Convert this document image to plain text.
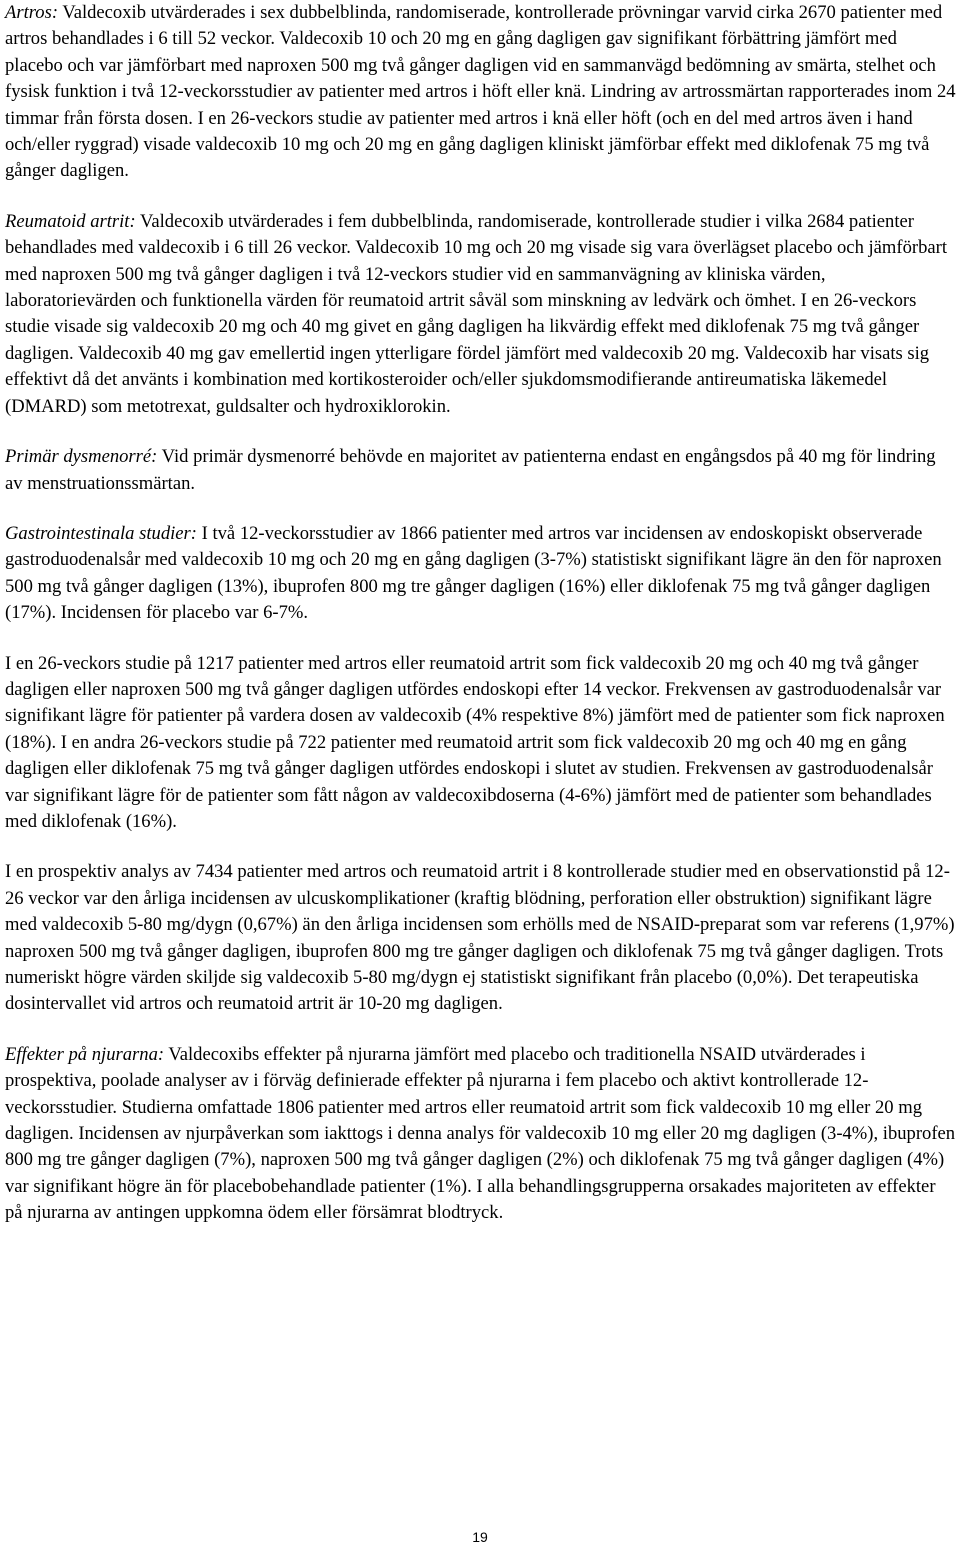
Artros: Valdecoxib utvärderades i sex dubbelblinda, randomiserade, kontrollerade prövningar varvid cirka 2670 patienter med artros behandlades i 6 till 52 veckor. Valdecoxib 10 och 20 mg en gång dagligen gav signifikant förbättring jämfört med placebo och var jämförbart med naproxen 500 mg två gånger dagligen vid en sammanvägd bedömning av smärta, stelhet och fysisk funktion i två 12-veckorsstudier av patienter med artros i höft eller knä. Lindring av artrossmärtan rapporterades inom 24 timmar från första dosen. I en 26-veckors studie av patienter med artros i knä eller höft (och en del med artros även i hand och/eller ryggrad) visade valdecoxib 10 mg och 20 mg en gång dagligen kliniskt jämförbar effekt med diklofenak 75 mg två gånger dagligen.

Reumatoid artrit: Valdecoxib utvärderades i fem dubbelblinda, randomiserade, kontrollerade studier i vilka 2684 patienter behandlades med valdecoxib i 6 till 26 veckor. Valdecoxib 10 mg och 20 mg visade sig vara överlägset placebo och jämförbart med naproxen 500 mg två gånger dagligen i två 12-veckors studier vid en sammanvägning av kliniska värden, laboratorievärden och funktionella värden för reumatoid artrit såväl som minskning av ledvärk och ömhet. I en 26-veckors studie visade sig valdecoxib 20 mg och 40 mg givet en gång dagligen ha likvärdig effekt med diklofenak 75 mg två gånger dagligen. Valdecoxib 40 mg gav emellertid ingen ytterligare fördel jämfört med valdecoxib 20 mg. Valdecoxib har visats sig effektivt då det använts i kombination med kortikosteroider och/eller sjukdomsmodifierande antireumatiska läkemedel (DMARD) som metotrexat, guldsalter och hydroxiklorokin.

Primär dysmenorré: Vid primär dysmenorré behövde en majoritet av patienterna endast en engångsdos på 40 mg för lindring av menstruationssmärtan.

Gastrointestinala studier: I två 12-veckorsstudier av 1866 patienter med artros var incidensen av endoskopiskt observerade gastroduodenalsår med valdecoxib 10 mg och 20 mg en gång dagligen (3-7%) statistiskt signifikant lägre än den för naproxen 500 mg två gånger dagligen (13%), ibuprofen 800 mg tre gånger dagligen (16%) eller diklofenak 75 mg två gånger dagligen (17%). Incidensen för placebo var 6-7%.

I en 26-veckors studie på 1217 patienter med artros eller reumatoid artrit som fick valdecoxib 20 mg och 40 mg två gånger dagligen eller naproxen 500 mg två gånger dagligen utfördes endoskopi efter 14 veckor. Frekvensen av gastroduodenalsår var signifikant lägre för patienter på vardera dosen av valdecoxib (4% respektive 8%) jämfört med de patienter som fick naproxen (18%). I en andra 26-veckors studie på 722 patienter med reumatoid artrit som fick valdecoxib 20 mg och 40 mg en gång dagligen eller diklofenak 75 mg två gånger dagligen utfördes endoskopi i slutet av studien. Frekvensen av gastroduodenalsår var signifikant lägre för de patienter som fått någon av valdecoxibdoserna (4-6%) jämfört med de patienter som behandlades med diklofenak (16%).

I en prospektiv analys av 7434 patienter med artros och reumatoid artrit i 8 kontrollerade studier med en observationstid på 12-26 veckor var den årliga incidensen av ulcuskomplikationer (kraftig blödning, perforation eller obstruktion) signifikant lägre med valdecoxib 5-80 mg/dygn (0,67%) än den årliga incidensen som erhölls med de NSAID-preparat som var referens (1,97%) naproxen 500 mg två gånger dagligen, ibuprofen 800 mg tre gånger dagligen och diklofenak 75 mg två gånger dagligen. Trots numeriskt högre värden skiljde sig valdecoxib 5-80 mg/dygn ej statistiskt signifikant från placebo (0,0%). Det terapeutiska dosintervallet vid artros och reumatoid artrit är 10-20 mg dagligen.

Effekter på njurarna: Valdecoxibs effekter på njurarna jämfört med placebo och traditionella NSAID utvärderades i prospektiva, poolade analyser av i förväg definierade effekter på njurarna i fem placebo och aktivt kontrollerade 12-veckorsstudier. Studierna omfattade 1806 patienter med artros eller reumatoid artrit som fick valdecoxib 10 mg eller 20 mg dagligen. Incidensen av njurpåverkan som iakttogs i denna analys för valdecoxib 10 mg eller 20 mg dagligen (3-4%), ibuprofen 800 mg tre gånger dagligen (7%), naproxen 500 mg två gånger dagligen (2%) och diklofenak 75 mg två gånger dagligen (4%) var signifikant högre än för placebobehandlade patienter (1%). I alla behandlingsgrupperna orsakades majoriteten av effekter på njurarna av antingen uppkomna ödem eller försämrat blodtryck.

19
